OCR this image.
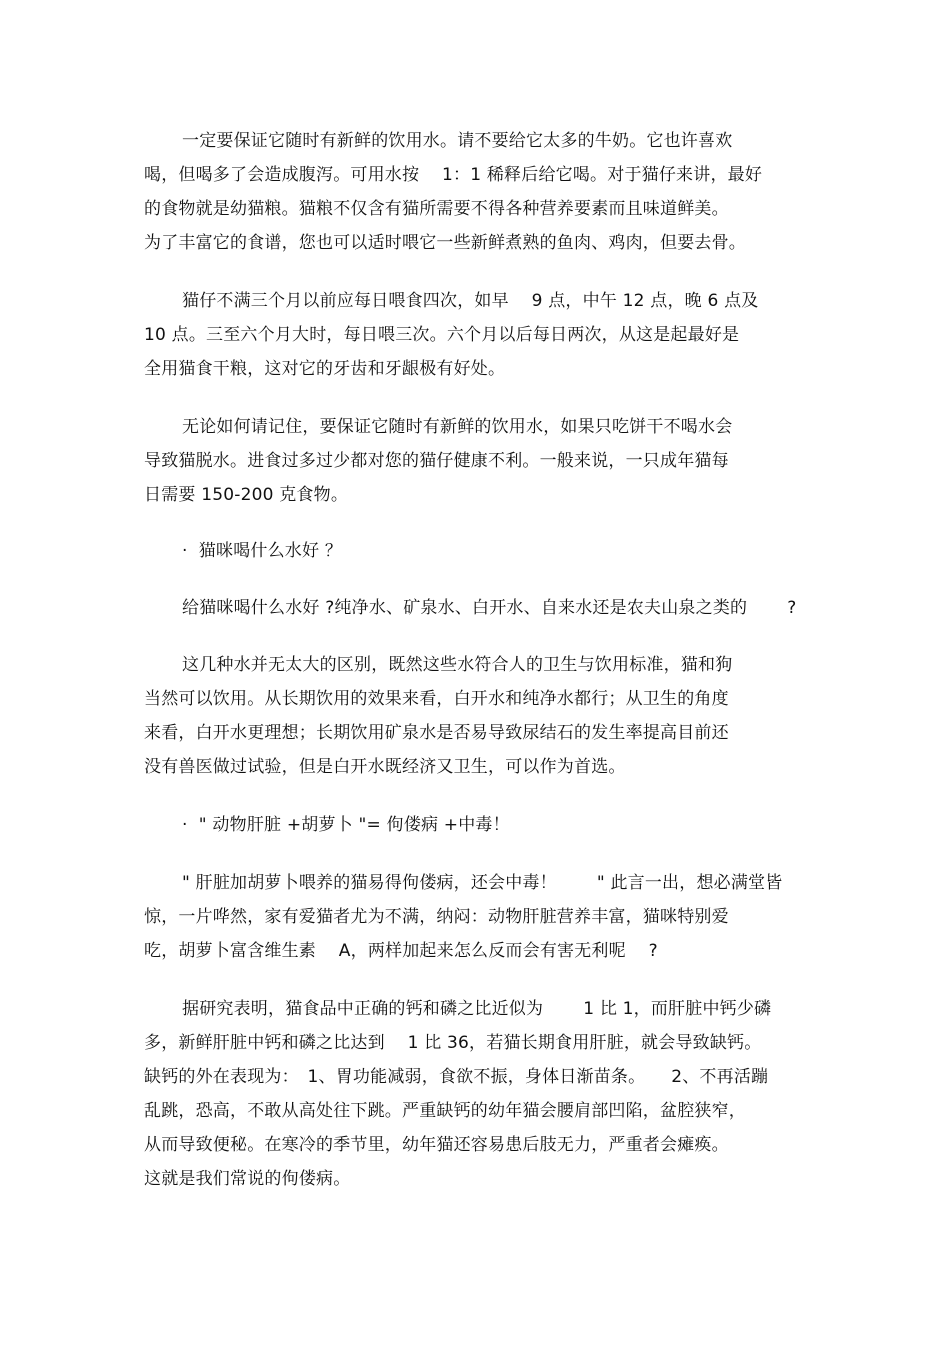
一定要保证它随时有新鲜的饮用水。请不要给它太多的牛奶。它也许喜欢
喝，但喝多了会造成腹泻。可用水按　 1：1 稀释后给它喝。对于猫仔来讲，最好
的食物就是幼猫粮。猫粮不仅含有猫所需要不得各种营养要素而且味道鲜美。
为了丰富它的食谱，您也可以适时喂它一些新鲜煮熟的鱼肉、鸡肉，但要去骨。
猫仔不满三个月以前应每日喂食四次，如早　 9 点，中午 12 点，晚 6 点及
10 点。三至六个月大时，每日喂三次。六个月以后每日两次，从这是起最好是
全用猫食干粮，这对它的牙齿和牙龈极有好处。
无论如何请记住，要保证它随时有新鲜的饮用水，如果只吃饼干不喝水会
导致猫脱水。进食过多过少都对您的猫仔健康不利。一般来说，一只成年猫每
日需要 150-200 克食物。
·  猫咪喝什么水好 ？
给猫咪喝什么水好 ?纯净水、矿泉水、白开水、自来水还是农夫山泉之类的　　 ?
这几种水并无太大的区别，既然这些水符合人的卫生与饮用标准，猫和狗
当然可以饮用。从长期饮用的效果来看，白开水和纯净水都行；从卫生的角度
来看，白开水更理想；长期饮用矿泉水是否易导致尿结石的发生率提高目前还
没有兽医做过试验，但是白开水既经济又卫生，可以作为首选。
·  " 动物肝脏 +胡萝卜 "= 佝偻病 +中毒！
" 肝脏加胡萝卜喂养的猫易得佝偻病，还会中毒！　　 " 此言一出，想必满堂皆
惊，一片哗然，家有爱猫者尤为不满，纳闷：动物肝脏营养丰富，猫咪特别爱
吃，胡萝卜富含维生素　 A，两样加起来怎么反而会有害无利呢　 ?
据研究表明，猫食品中正确的钙和磷之比近似为　　 1 比 1，而肝脏中钙少磷
多，新鲜肝脏中钙和磷之比达到　 1 比 36，若猫长期食用肝脏，就会导致缺钙。
缺钙的外在表现为：　1、胃功能减弱，食欲不振，身体日渐苗条。　　2、不再活蹦
乱跳，恐高，不敢从高处往下跳。严重缺钙的幼年猫会腰肩部凹陷，盆腔狭窄，
从而导致便秘。在寒冷的季节里，幼年猫还容易患后肢无力，严重者会瘫痪。
这就是我们常说的佝偻病。
